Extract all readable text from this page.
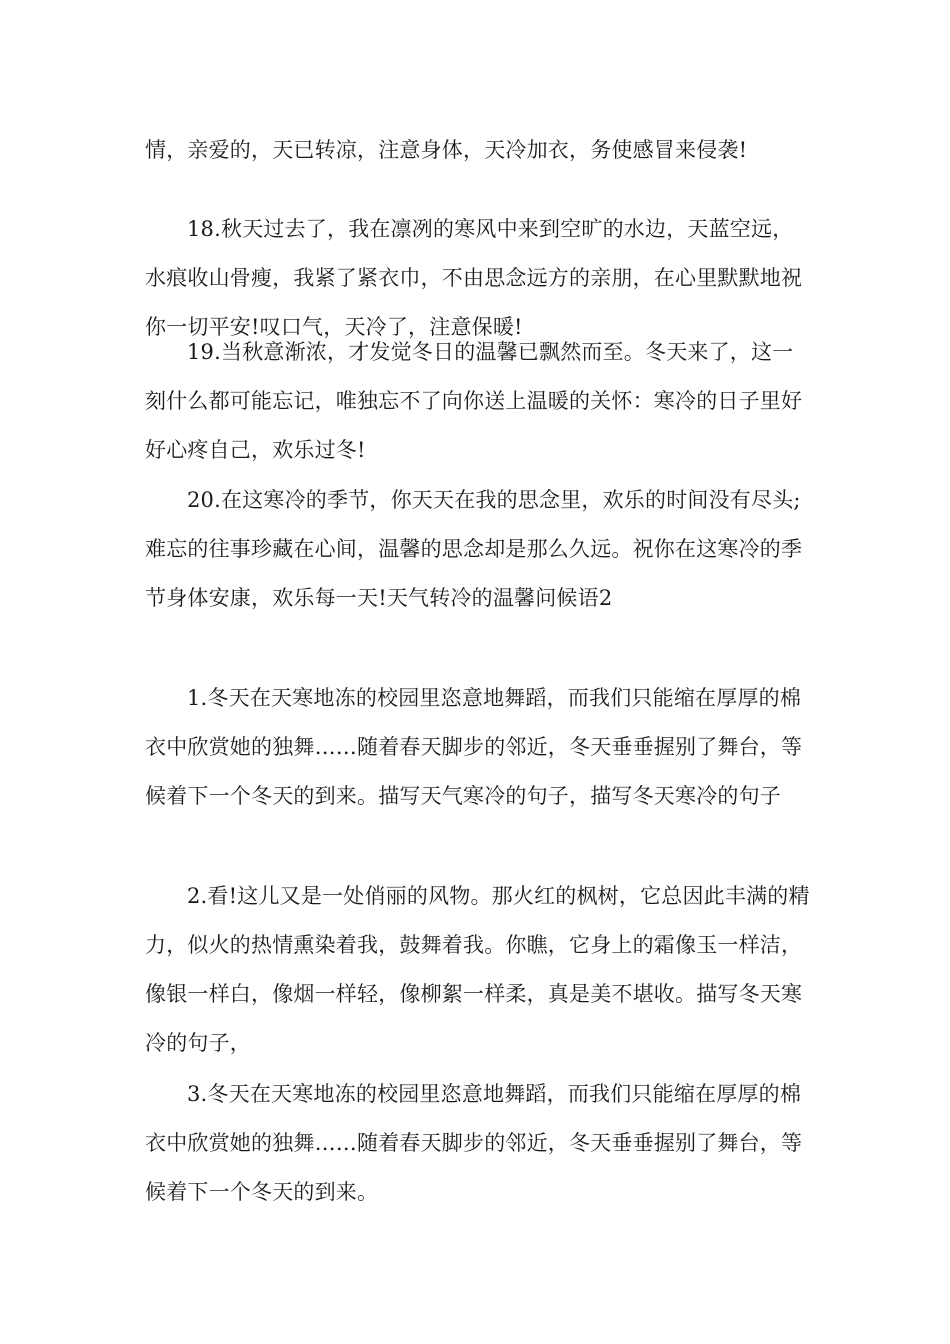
情，亲爱的，天已转凉，注意身体，天冷加衣，务使感冒来侵袭!

18.秋天过去了，我在凛冽的寒风中来到空旷的水边，天蓝空远，水痕收山骨瘦，我紧了紧衣巾，不由思念远方的亲朋，在心里默默地祝你一切平安!叹口气，天冷了，注意保暖!

19.当秋意渐浓，才发觉冬日的温馨已飘然而至。冬天来了，这一刻什么都可能忘记，唯独忘不了向你送上温暖的关怀：寒冷的日子里好好心疼自己，欢乐过冬!

20.在这寒冷的季节，你天天在我的思念里，欢乐的时间没有尽头;难忘的往事珍藏在心间，温馨的思念却是那么久远。祝你在这寒冷的季节身体安康，欢乐每一天!天气转冷的温馨问候语2

1.冬天在天寒地冻的校园里恣意地舞蹈，而我们只能缩在厚厚的棉衣中欣赏她的独舞……随着春天脚步的邻近，冬天垂垂握别了舞台，等候着下一个冬天的到来。描写天气寒冷的句子，描写冬天寒冷的句子

2.看!这儿又是一处俏丽的风物。那火红的枫树，它总因此丰满的精力，似火的热情熏染着我，鼓舞着我。你瞧，它身上的霜像玉一样洁，像银一样白，像烟一样轻，像柳絮一样柔，真是美不堪收。描写冬天寒冷的句子，

3.冬天在天寒地冻的校园里恣意地舞蹈，而我们只能缩在厚厚的棉衣中欣赏她的独舞……随着春天脚步的邻近，冬天垂垂握别了舞台，等候着下一个冬天的到来。
